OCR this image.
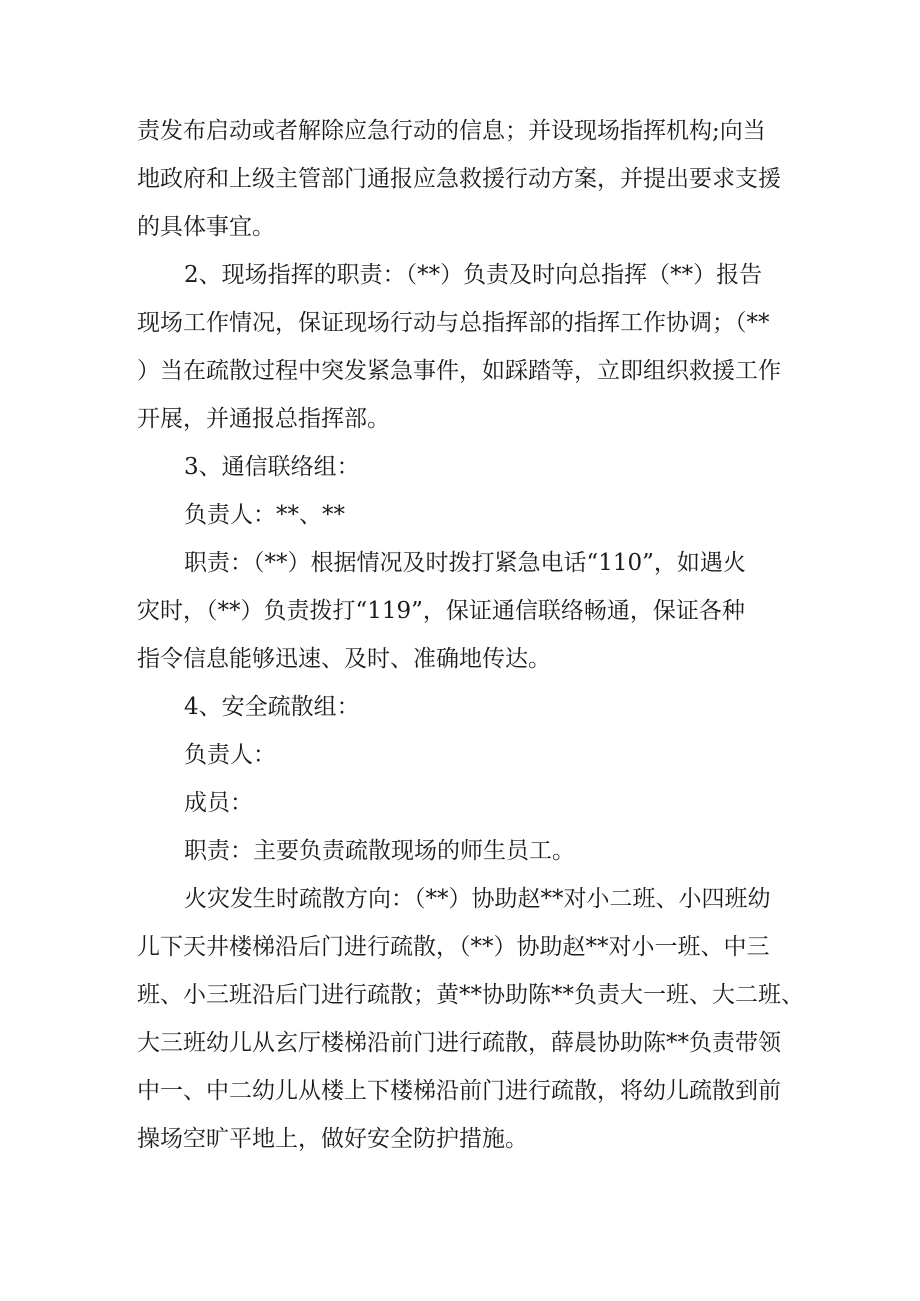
责发布启动或者解除应急行动的信息；并设现场指挥机构;向当
地政府和上级主管部门通报应急救援行动方案，并提出要求支援
的具体事宜。
2、现场指挥的职责：（**）负责及时向总指挥（**）报告
现场工作情况，保证现场行动与总指挥部的指挥工作协调；（**
）当在疏散过程中突发紧急事件，如踩踏等，立即组织救援工作
开展，并通报总指挥部。
3、通信联络组：
负责人：**、**
职责：（**）根据情况及时拨打紧急电话“110”，如遇火
灾时，（**）负责拨打“119”，保证通信联络畅通，保证各种
指令信息能够迅速、及时、准确地传达。
4、安全疏散组：
负责人：
成员：
职责：主要负责疏散现场的师生员工。
火灾发生时疏散方向：（**）协助赵**对小二班、小四班幼
儿下天井楼梯沿后门进行疏散，（**）协助赵**对小一班、中三
班、小三班沿后门进行疏散；黄**协助陈**负责大一班、大二班、
大三班幼儿从玄厅楼梯沿前门进行疏散，薛晨协助陈**负责带领
中一、中二幼儿从楼上下楼梯沿前门进行疏散，将幼儿疏散到前
操场空旷平地上，做好安全防护措施。
